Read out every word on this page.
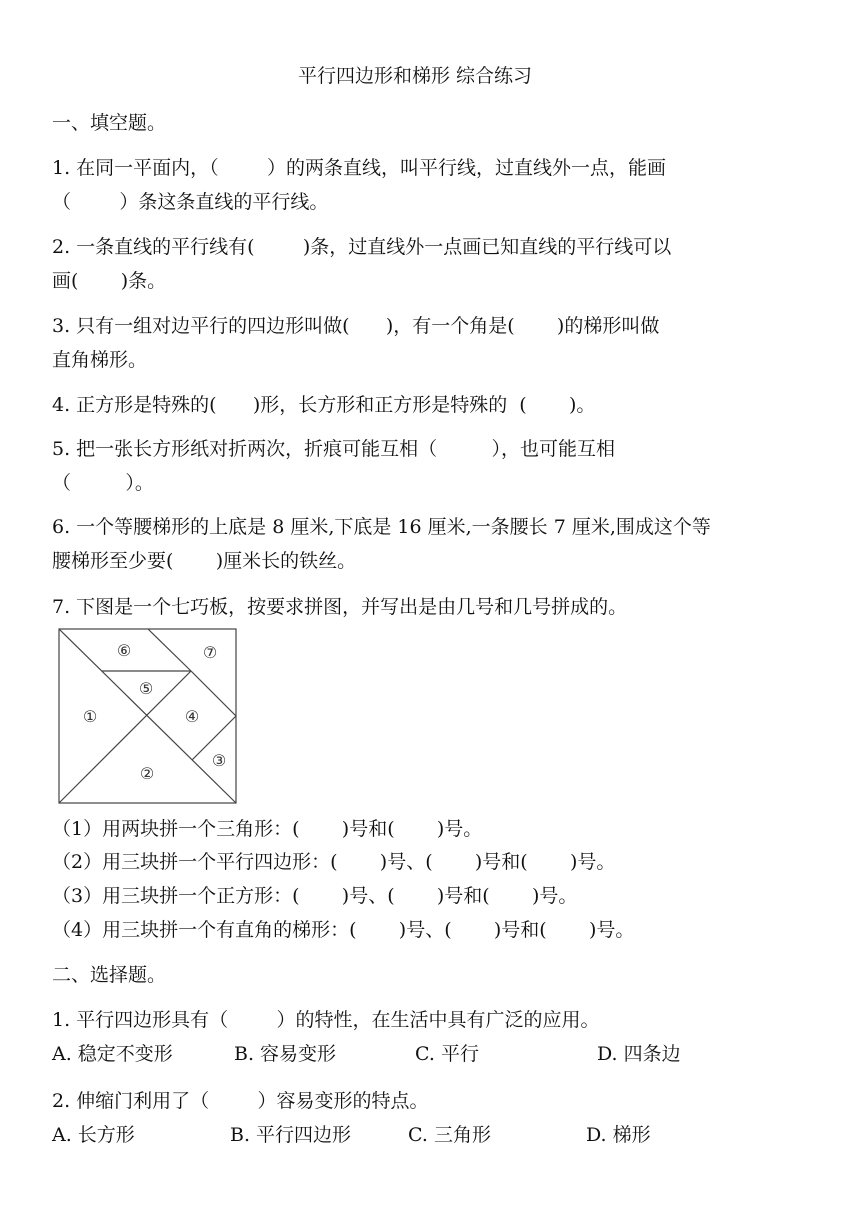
平行四边形和梯形 综合练习
一、填空题。
1. 在同一平面内，（        ）的两条直线，叫平行线，过直线外一点，能画
（        ）条这条直线的平行线。
2. 一条直线的平行线有(        )条，过直线外一点画已知直线的平行线可以
画(       )条。
3. 只有一组对边平行的四边形叫做(      )，有一个角是(       )的梯形叫做
直角梯形。
4. 正方形是特殊的(      )形，长方形和正方形是特殊的  (       )。
5. 把一张长方形纸对折两次，折痕可能互相（         ），也可能互相
（         ）。
6. 一个等腰梯形的上底是 8 厘米,下底是 16 厘米,一条腰长 7 厘米,围成这个等
腰梯形至少要(       )厘米长的铁丝。
7. 下图是一个七巧板，按要求拼图，并写出是由几号和几号拼成的。
①
②
③
④
⑤
⑥	⑦
（1）用两块拼一个三角形：(       )号和(       )号。
（2）用三块拼一个平行四边形：(       )号、(       )号和(       )号。
（3）用三块拼一个正方形：(       )号、(       )号和(       )号。
（4）用三块拼一个有直角的梯形：(       )号、(       )号和(       )号。
二、选择题。
1. 平行四边形具有（        ）的特性，在生活中具有广泛的应用。
A. 稳定不变形	B. 容易变形	C. 平行	D. 四条边
2. 伸缩门利用了（        ）容易变形的特点。
A. 长方形	B. 平行四边形	C. 三角形	D. 梯形
